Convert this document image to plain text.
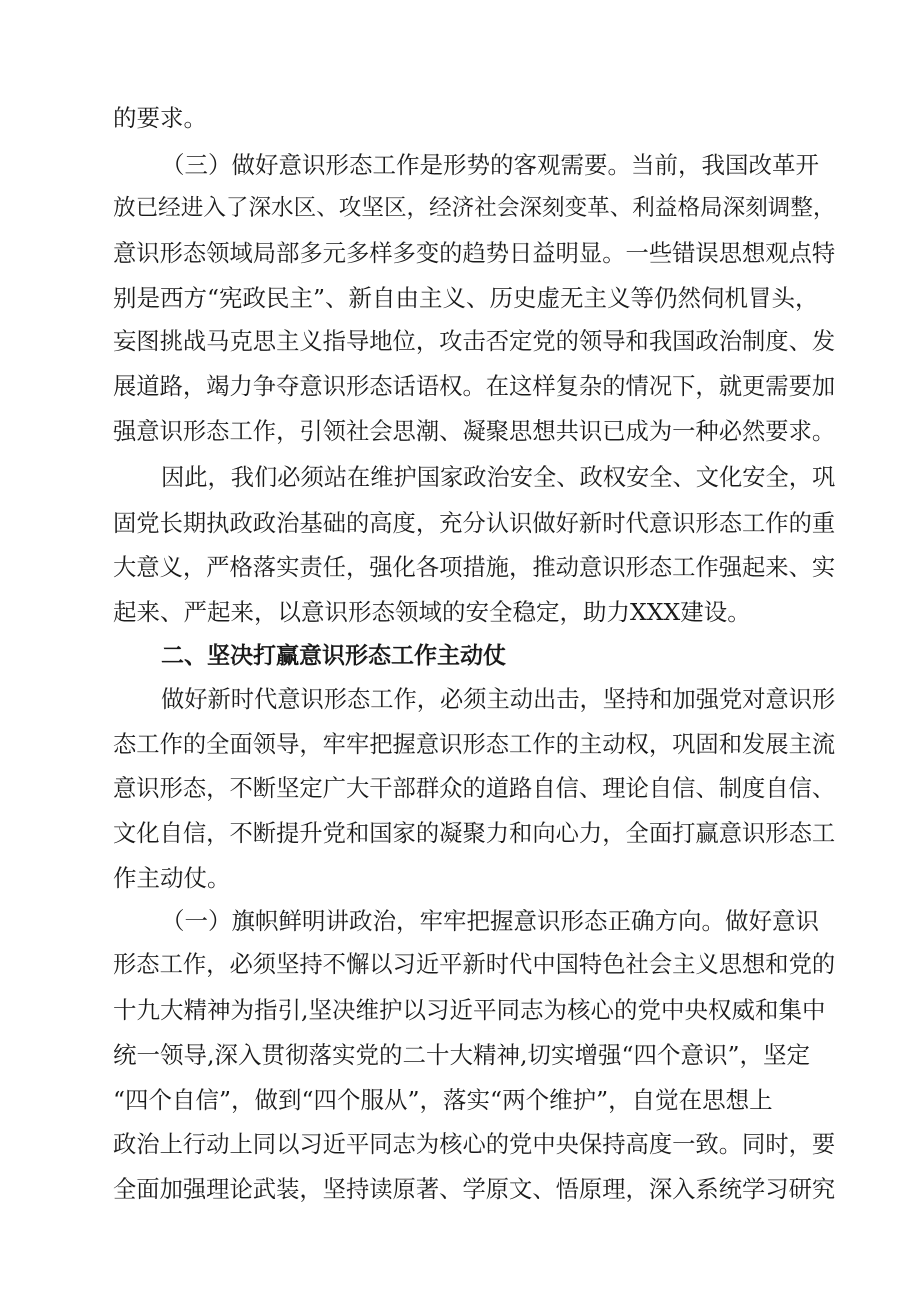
的要求。
（三）做好意识形态工作是形势的客观需要。当前，我国改革开
放已经进入了深水区、攻坚区，经济社会深刻变革、利益格局深刻调整，
意识形态领域局部多元多样多变的趋势日益明显。一些错误思想观点特
别是西方“宪政民主”、新自由主义、历史虚无主义等仍然伺机冒头，
妄图挑战马克思主义指导地位，攻击否定党的领导和我国政治制度、发
展道路，竭力争夺意识形态话语权。在这样复杂的情况下，就更需要加
强意识形态工作，引领社会思潮、凝聚思想共识已成为一种必然要求。
因此，我们必须站在维护国家政治安全、政权安全、文化安全，巩
固党长期执政政治基础的高度，充分认识做好新时代意识形态工作的重
大意义，严格落实责任，强化各项措施，推动意识形态工作强起来、实
起来、严起来，以意识形态领域的安全稳定，助力XXX建设。
二、坚决打赢意识形态工作主动仗
做好新时代意识形态工作，必须主动出击，坚持和加强党对意识形
态工作的全面领导，牢牢把握意识形态工作的主动权，巩固和发展主流
意识形态，不断坚定广大干部群众的道路自信、理论自信、制度自信、
文化自信，不断提升党和国家的凝聚力和向心力，全面打赢意识形态工
作主动仗。
（一）旗帜鲜明讲政治，牢牢把握意识形态正确方向。做好意识
形态工作，必须坚持不懈以习近平新时代中国特色社会主义思想和党的
十九大精神为指引,坚决维护以习近平同志为核心的党中央权威和集中
统一领导,深入贯彻落实党的二十大精神,切实增强“四个意识”，坚定
“四个自信”，做到“四个服从”，落实“两个维护”，自觉在思想上
政治上行动上同以习近平同志为核心的党中央保持高度一致。同时，要
全面加强理论武装，坚持读原著、学原文、悟原理，深入系统学习研究
